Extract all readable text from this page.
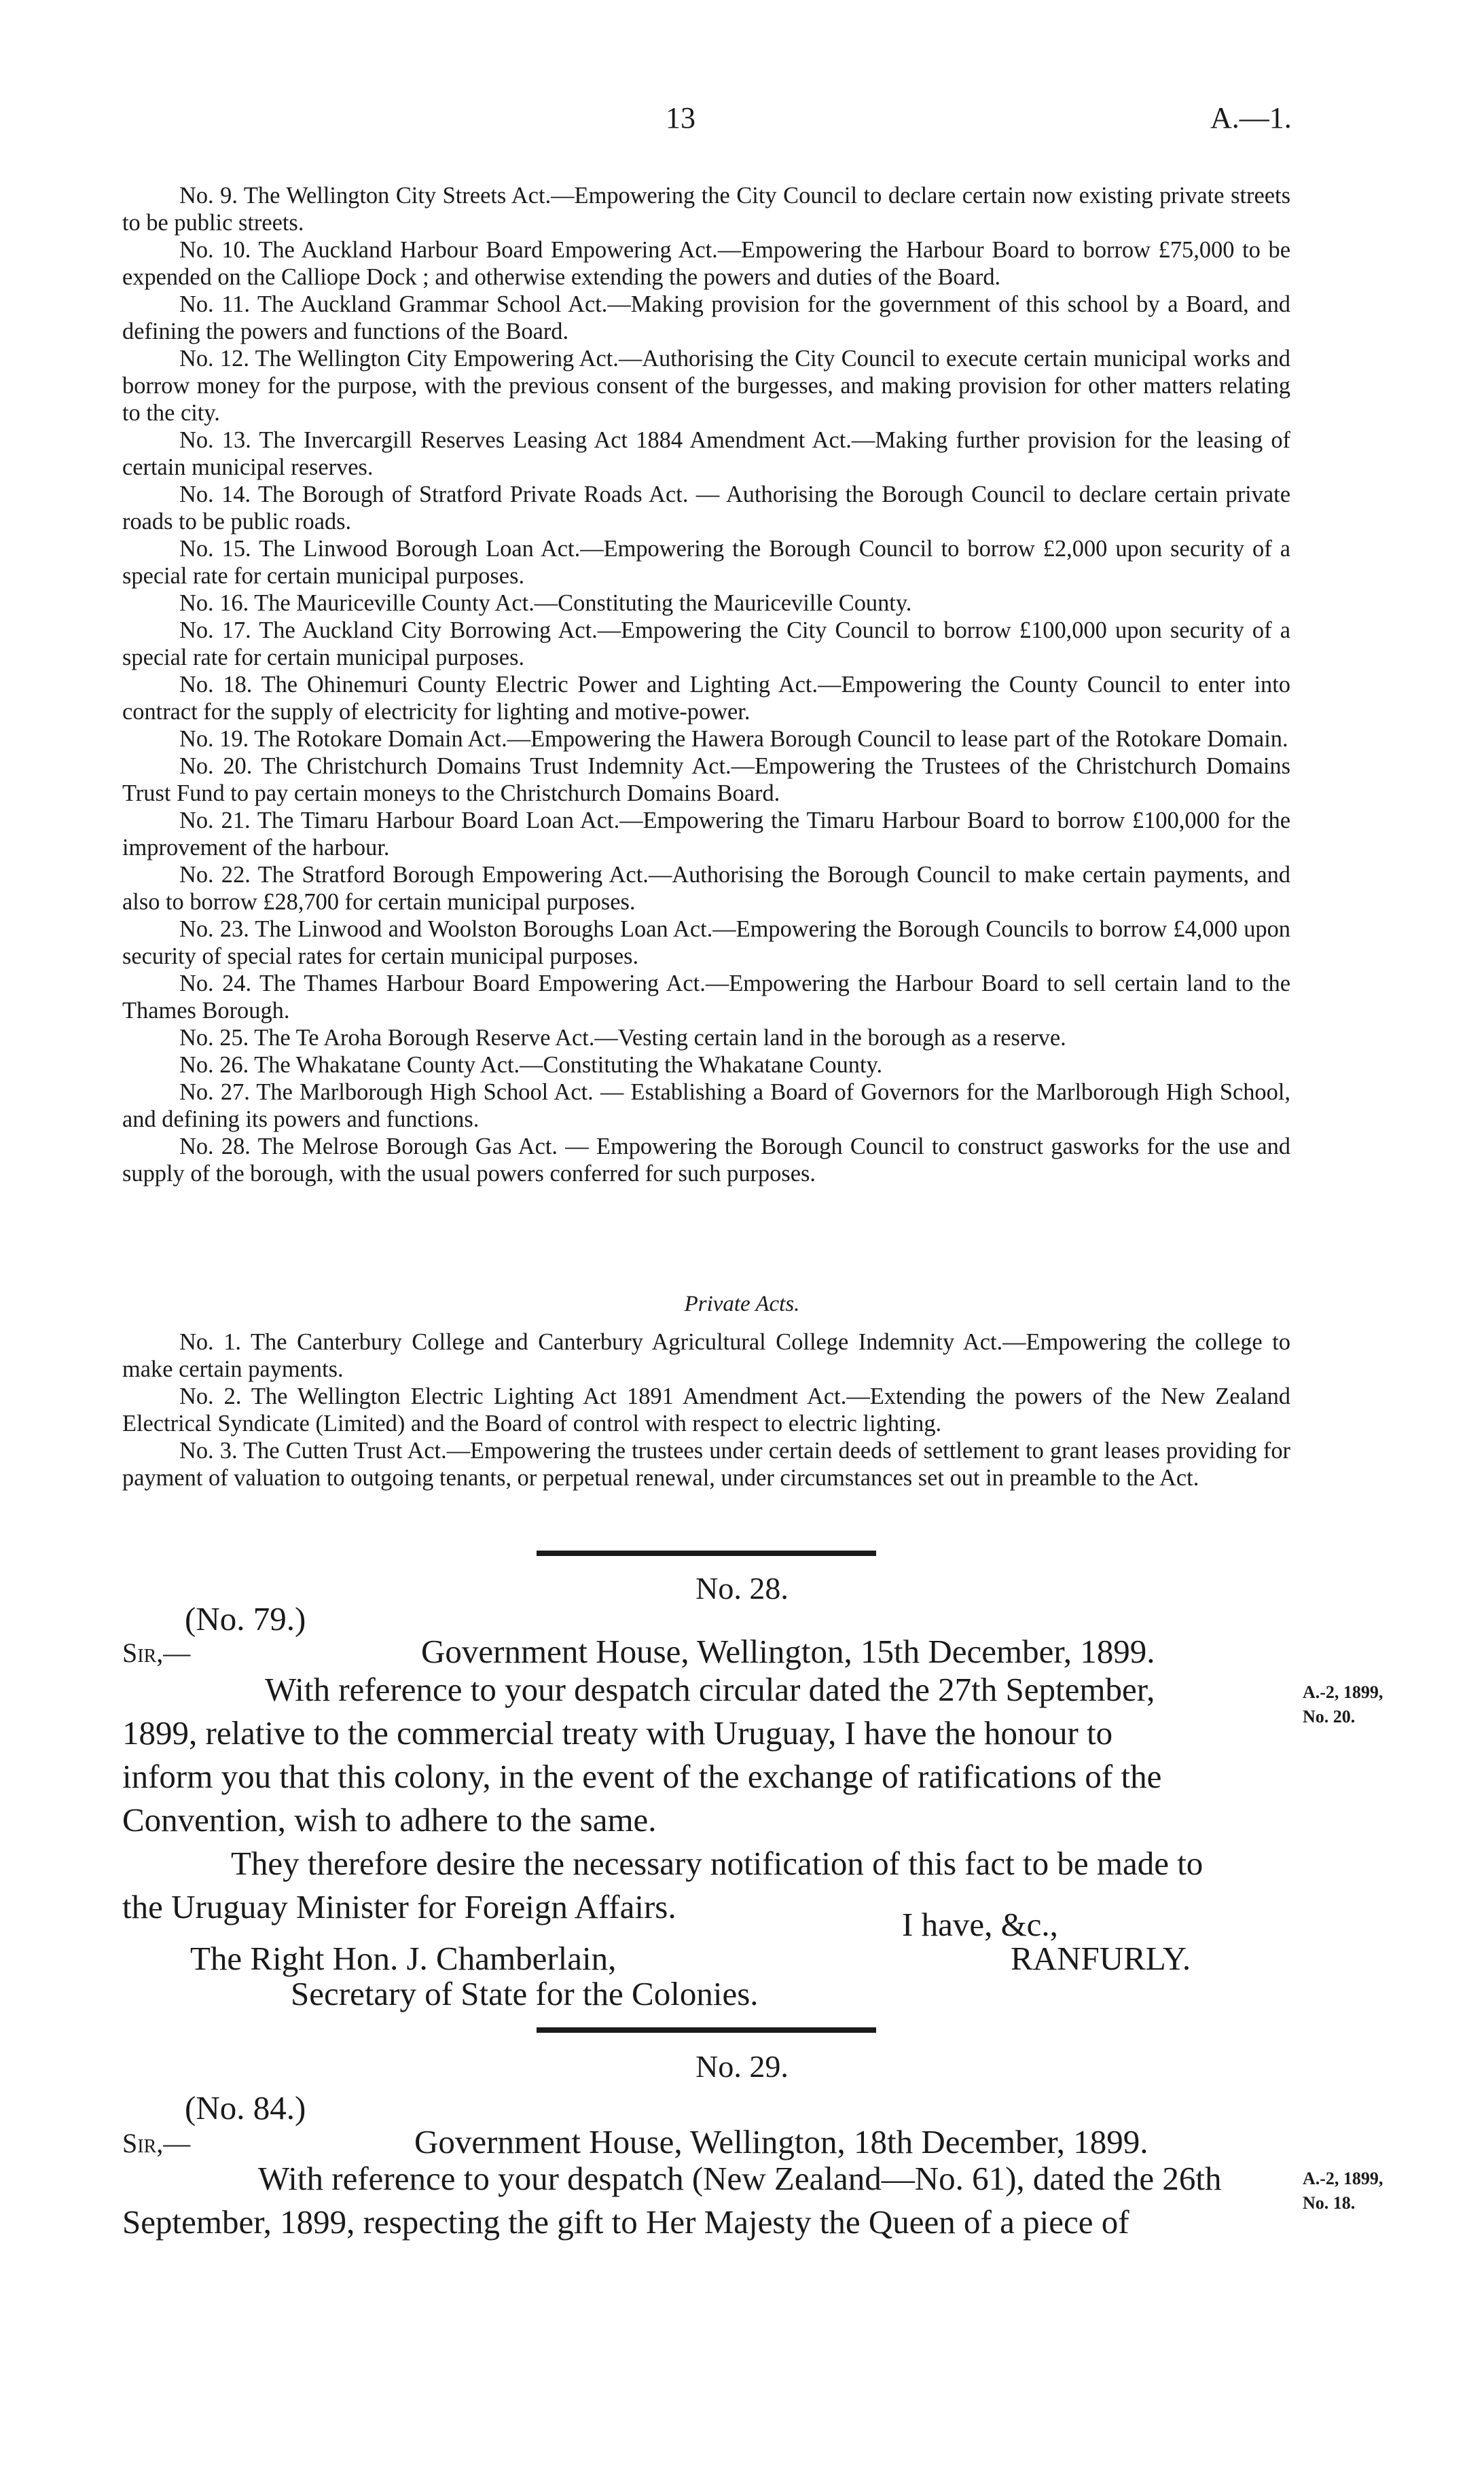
13	A.—1.

No. 9. The Wellington City Streets Act.—Empowering the City Council to declare certain now existing private streets to be public streets.

No. 10. The Auckland Harbour Board Empowering Act.—Empowering the Harbour Board to borrow £75,000 to be expended on the Calliope Dock ; and otherwise extending the powers and duties of the Board.

No. 11. The Auckland Grammar School Act.—Making provision for the government of this school by a Board, and defining the powers and functions of the Board.

No. 12. The Wellington City Empowering Act.—Authorising the City Council to execute certain municipal works and borrow money for the purpose, with the previous consent of the burgesses, and making provision for other matters relating to the city.

No. 13. The Invercargill Reserves Leasing Act 1884 Amendment Act.—Making further provision for the leasing of certain municipal reserves.

No. 14. The Borough of Stratford Private Roads Act. — Authorising the Borough Council to declare certain private roads to be public roads.

No. 15. The Linwood Borough Loan Act.—Empowering the Borough Council to borrow £2,000 upon security of a special rate for certain municipal purposes.

No. 16. The Mauriceville County Act.—Constituting the Mauriceville County.

No. 17. The Auckland City Borrowing Act.—Empowering the City Council to borrow £100,000 upon security of a special rate for certain municipal purposes.

No. 18. The Ohinemuri County Electric Power and Lighting Act.—Empowering the County Council to enter into contract for the supply of electricity for lighting and motive-power.

No. 19. The Rotokare Domain Act.—Empowering the Hawera Borough Council to lease part of the Rotokare Domain.

No. 20. The Christchurch Domains Trust Indemnity Act.—Empowering the Trustees of the Christchurch Domains Trust Fund to pay certain moneys to the Christchurch Domains Board.

No. 21. The Timaru Harbour Board Loan Act.—Empowering the Timaru Harbour Board to borrow £100,000 for the improvement of the harbour.

No. 22. The Stratford Borough Empowering Act.—Authorising the Borough Council to make certain payments, and also to borrow £28,700 for certain municipal purposes.

No. 23. The Linwood and Woolston Boroughs Loan Act.—Empowering the Borough Councils to borrow £4,000 upon security of special rates for certain municipal purposes.

No. 24. The Thames Harbour Board Empowering Act.—Empowering the Harbour Board to sell certain land to the Thames Borough.

No. 25. The Te Aroha Borough Reserve Act.—Vesting certain land in the borough as a reserve.

No. 26. The Whakatane County Act.—Constituting the Whakatane County.

No. 27. The Marlborough High School Act. — Establishing a Board of Governors for the Marlborough High School, and defining its powers and functions.

No. 28. The Melrose Borough Gas Act. — Empowering the Borough Council to construct gasworks for the use and supply of the borough, with the usual powers conferred for such purposes.

Private Acts.

No. 1. The Canterbury College and Canterbury Agricultural College Indemnity Act.—Empowering the college to make certain payments.

No. 2. The Wellington Electric Lighting Act 1891 Amendment Act.—Extending the powers of the New Zealand Electrical Syndicate (Limited) and the Board of control with respect to electric lighting.

No. 3. The Cutten Trust Act.—Empowering the trustees under certain deeds of settlement to grant leases providing for payment of valuation to outgoing tenants, or perpetual renewal, under circumstances set out in preamble to the Act.

No. 28.
(No. 79.)
Sir,—	Government House, Wellington, 15th December, 1899.
With reference to your despatch circular dated the 27th September,
1899, relative to the commercial treaty with Uruguay, I have the honour to
inform you that this colony, in the event of the exchange of ratifications of the
Convention, wish to adhere to the same.
They therefore desire the necessary notification of this fact to be made to
the Uruguay Minister for Foreign Affairs.
A.-2, 1899,
No. 20.
I have, &c.,
RANFURLY.
The Right Hon. J. Chamberlain,
Secretary of State for the Colonies.
No. 29.
(No. 84.)
Sir,—	Government House, Wellington, 18th December, 1899.
With reference to your despatch (New Zealand—No. 61), dated the 26th
September, 1899, respecting the gift to Her Majesty the Queen of a piece of
A.-2, 1899,
No. 18.
